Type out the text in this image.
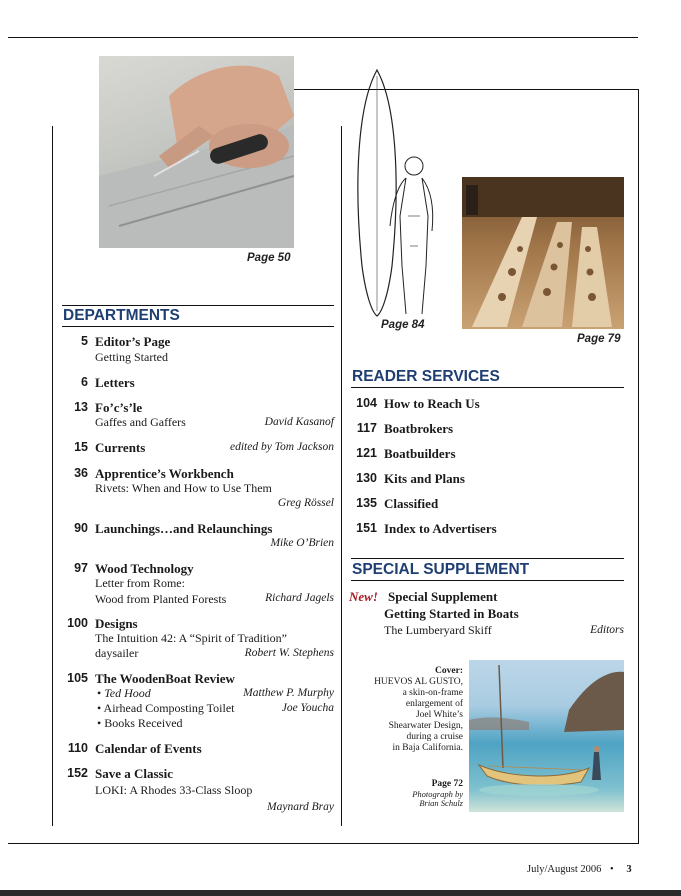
Page 50
Page 84
Page 79
DEPARTMENTS
5 Editor’s Page
Getting Started
6 Letters
13 Fo’c’s’le
Gaffes and Gaffers	David Kasanof
15 Currents	edited by Tom Jackson
36 Apprentice’s Workbench
Rivets: When and How to Use Them
Greg Rössel
90 Launchings…and Relaunchings
Mike O’Brien
97 Wood Technology
Letter from Rome:
Wood from Planted Forests	Richard Jagels
100 Designs
The Intuition 42: A “Spirit of Tradition”
daysailer	Robert W. Stephens
105 The WoodenBoat Review
• Ted Hood	Matthew P. Murphy
• Airhead Composting Toilet	Joe Youcha
• Books Received
110 Calendar of Events
152 Save a Classic
LOKI: A Rhodes 33-Class Sloop
Maynard Bray
READER SERVICES
104 How to Reach Us
117 Boatbrokers
121 Boatbuilders
130 Kits and Plans
135 Classified
151 Index to Advertisers
SPECIAL SUPPLEMENT
New! Special Supplement
Getting Started in Boats
The Lumberyard Skiff	Editors
Cover:
HUEVOS AL GUSTO,
a skin-on-frame
enlargement of
Joel White’s
Shearwater Design,
during a cruise
in Baja California.
Page 72
Photograph by
Brian Schulz
July/August 2006 • 3
